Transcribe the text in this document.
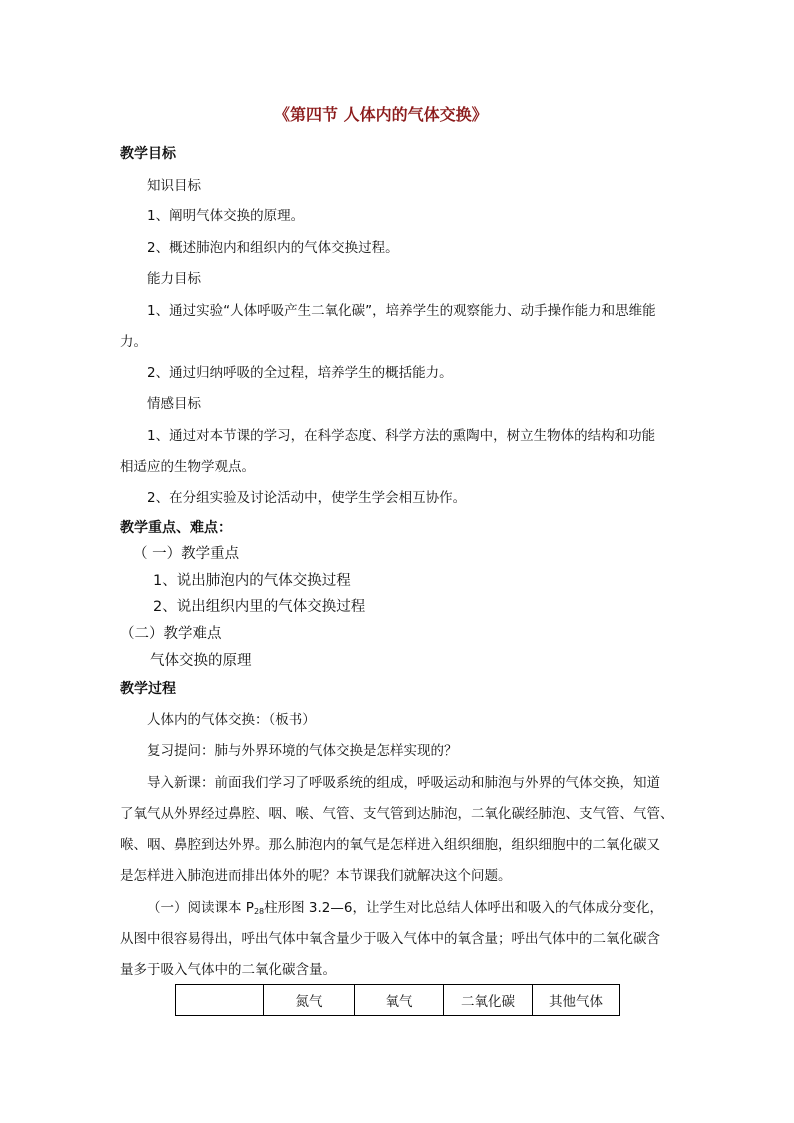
《第四节 人体内的气体交换》
教学目标
知识目标
1、阐明气体交换的原理。
2、概述肺泡内和组织内的气体交换过程。
能力目标
1、通过实验“人体呼吸产生二氧化碳”，培养学生的观察能力、动手操作能力和思维能
力。
2、通过归纳呼吸的全过程，培养学生的概括能力。
情感目标
1、通过对本节课的学习，在科学态度、科学方法的熏陶中，树立生物体的结构和功能
相适应的生物学观点。
2、在分组实验及讨论活动中，使学生学会相互协作。
教学重点、难点：
（ 一）教学重点
1、说出肺泡内的气体交换过程
2、说出组织内里的气体交换过程
（二）教学难点
气体交换的原理
教学过程
人体内的气体交换：（板书）
复习提问：肺与外界环境的气体交换是怎样实现的？
导入新课：前面我们学习了呼吸系统的组成，呼吸运动和肺泡与外界的气体交换，知道
了氧气从外界经过鼻腔、咽、喉、气管、支气管到达肺泡，二氧化碳经肺泡、支气管、气管、
喉、咽、鼻腔到达外界。那么肺泡内的氧气是怎样进入组织细胞，组织细胞中的二氧化碳又
是怎样进入肺泡进而排出体外的呢？本节课我们就解决这个问题。
（一）阅读课本 $P_{28}$柱形图 3.2—6，让学生对比总结人体呼出和吸入的气体成分变化，
从图中很容易得出，呼出气体中氧含量少于吸入气体中的氧含量；呼出气体中的二氧化碳含
量多于吸入气体中的二氧化碳含量。
	氮气	氧气	二氧化碳	其他气体
